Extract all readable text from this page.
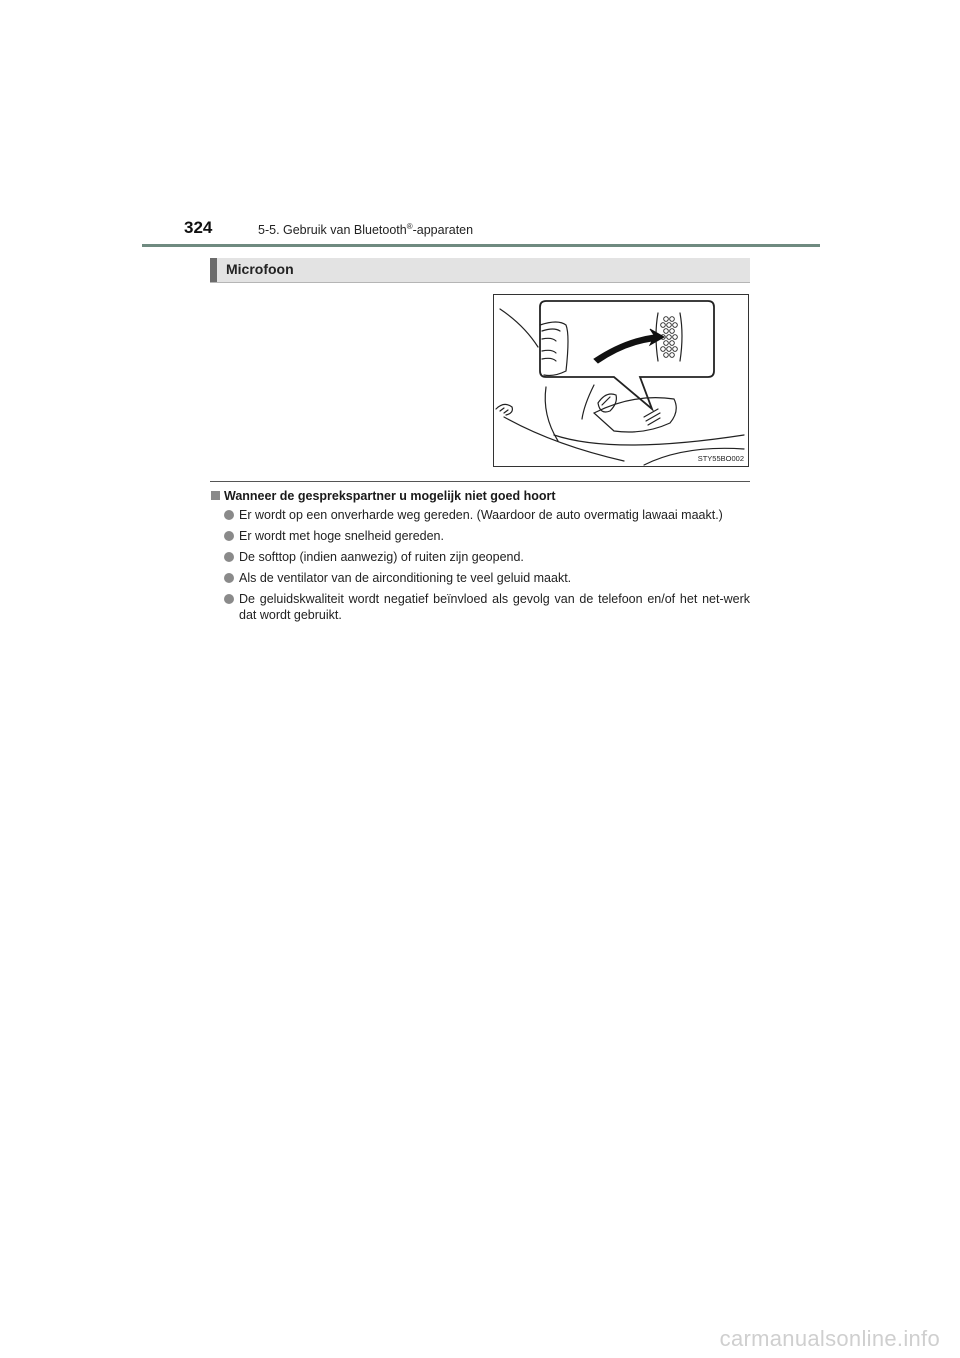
324	5-5. Gebruik van Bluetooth®-apparaten
Microfoon
STY55BO002
Wanneer de gesprekspartner u mogelijk niet goed hoort
Er wordt op een onverharde weg gereden. (Waardoor de auto overmatig lawaai maakt.)
Er wordt met hoge snelheid gereden.
De softtop (indien aanwezig) of ruiten zijn geopend.
Als de ventilator van de airconditioning te veel geluid maakt.
De geluidskwaliteit wordt negatief beïnvloed als gevolg van de telefoon en/of het net-werk dat wordt gebruikt.
carmanualsonline.info
